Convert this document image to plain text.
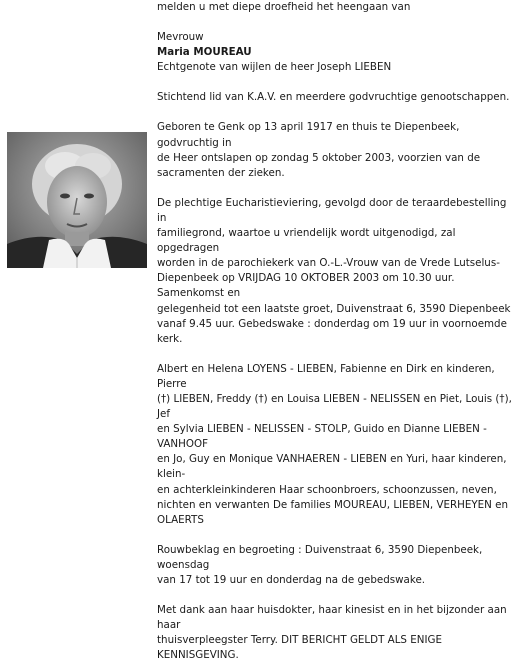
melden u met diepe droefheid het heengaan van

Mevrouw

Maria MOUREAU

Echtgenote van wijlen de heer Joseph LIEBEN

Stichtend lid van K.A.V. en meerdere godvruchtige genootschappen.

Geboren te Genk op 13 april 1917 en thuis te Diepenbeek, godvruchtig in

de Heer ontslapen op zondag 5 oktober 2003, voorzien van de

sacramenten der zieken.

De plechtige Eucharistieviering, gevolgd door de teraardebestelling in

familiegrond, waartoe u vriendelijk wordt uitgenodigd, zal opgedragen

worden in de parochiekerk van O.-L.-Vrouw van de Vrede Lutselus-

Diepenbeek op VRIJDAG 10 OKTOBER 2003 om 10.30 uur. Samenkomst en

gelegenheid tot een laatste groet, Duivenstraat 6, 3590 Diepenbeek

vanaf 9.45 uur. Gebedswake : donderdag om 19 uur in voornoemde kerk.

Albert en Helena LOYENS - LIEBEN, Fabienne en Dirk en kinderen, Pierre

(†) LIEBEN, Freddy (†) en Louisa LIEBEN - NELISSEN en Piet, Louis (†), Jef

en Sylvia LIEBEN - NELISSEN - STOLP, Guido en Dianne LIEBEN - VANHOOF

en Jo, Guy en Monique VANHAEREN - LIEBEN en Yuri, haar kinderen, klein-

en achterkleinkinderen Haar schoonbroers, schoonzussen, neven,

nichten en verwanten De families MOUREAU, LIEBEN, VERHEYEN en

OLAERTS

Rouwbeklag en begroeting : Duivenstraat 6, 3590 Diepenbeek, woensdag

van 17 tot 19 uur en donderdag na de gebedswake.

Met dank aan haar huisdokter, haar kinesist en in het bijzonder aan haar

thuisverpleegster Terry. DIT BERICHT GELDT ALS ENIGE KENNISGEVING.
